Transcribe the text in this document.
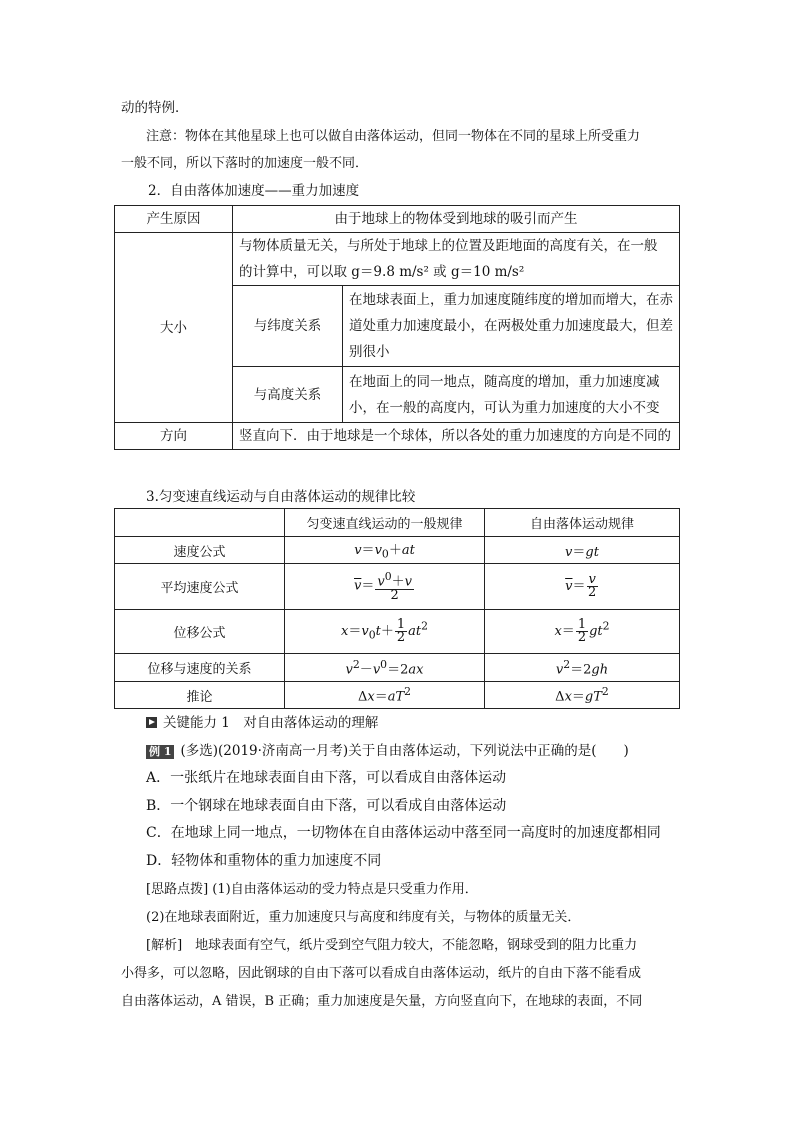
动的特例．
注意：物体在其他星球上也可以做自由落体运动，但同一物体在不同的星球上所受重力
一般不同，所以下落时的加速度一般不同．
2．自由落体加速度——重力加速度
产生原因	由于地球上的物体受到地球的吸引而产生	
大小	与物体质量无关，与所处于地球上的位置及距地面的高度有关，在一般
的计算中，可以取 g＝9.8 m/s² 或 g＝10 m/s²	

	与纬度关系	在地球表面上，重力加速度随纬度的增加而增大，在赤道处重力加速度最小，在两极处重力加速度最大，但差别很小
	与高度关系	在地面上的同一地点，随高度的增加，重力加速度减小，在一般的高度内，可认为重力加速度的大小不变
方向	竖直向下．由于地球是一个球体，所以各处的重力加速度的方向是不同的	
3.匀变速直线运动与自由落体运动的规律比较
	匀变速直线运动的一般规律	自由落体运动规律
速度公式	$v=v_0+at$	v＝gt
平均速度公式	$\overline{v}= \frac{v^0+v}{2}$	$\overline{v}= \frac{v}{2}$

位移公式	$x=v_0t+ \frac{1}{2} at^2$	$x= \frac{1}{2} gt^2$
位移与速度的关系	$v^2-v^0=2ax$	$v^2=2gh$
推论	$\Delta x=aT^2$	$\Delta x=gT^2$
关键能力 1　对自由落体运动的理解
例 1 (多选)(2019·济南高一月考)关于自由落体运动，下列说法中正确的是(　　)
A．一张纸片在地球表面自由下落，可以看成自由落体运动
B．一个钢球在地球表面自由下落，可以看成自由落体运动
C．在地球上同一地点，一切物体在自由落体运动中落至同一高度时的加速度都相同
D．轻物体和重物体的重力加速度不同
[思路点拨] (1)自由落体运动的受力特点是只受重力作用．
(2)在地球表面附近，重力加速度只与高度和纬度有关，与物体的质量无关．
[解析]　地球表面有空气，纸片受到空气阻力较大，不能忽略，钢球受到的阻力比重力
小得多，可以忽略，因此钢球的自由下落可以看成自由落体运动，纸片的自由下落不能看成
自由落体运动，A 错误，B 正确；重力加速度是矢量，方向竖直向下，在地球的表面，不同
